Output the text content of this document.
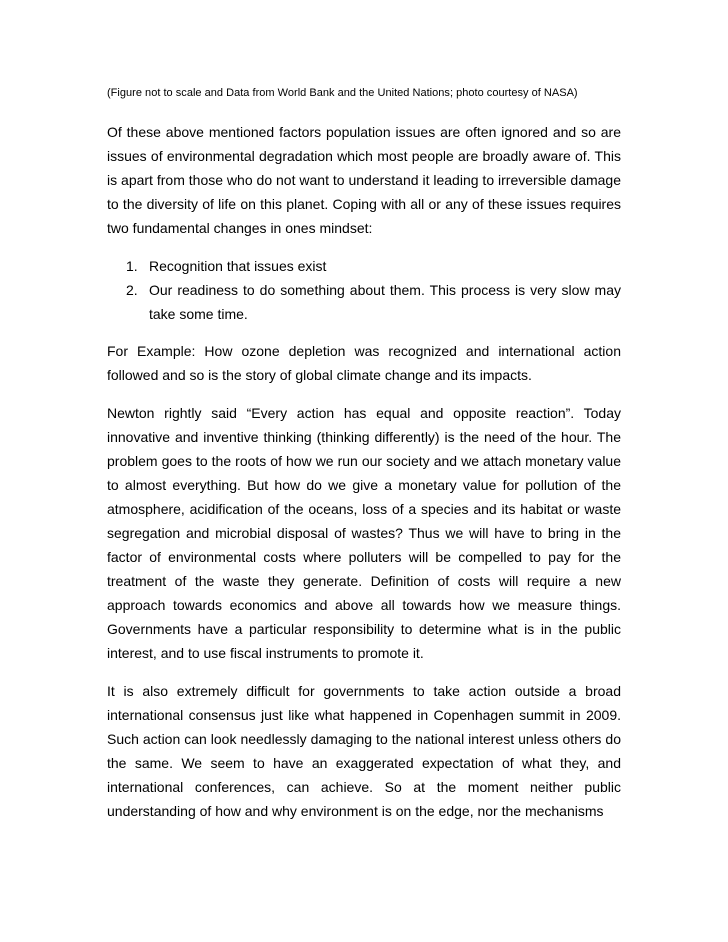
(Figure not to scale and Data from World Bank and the United Nations; photo courtesy of NASA)

Of these above mentioned factors population issues are often ignored and so are issues of environmental degradation which most people are broadly aware of. This is apart from those who do not want to understand it leading to irreversible damage to the diversity of life on this planet. Coping with all or any of these issues requires two fundamental changes in ones mindset:

1. Recognition that issues exist
2. Our readiness to do something about them. This process is very slow may take some time.

For Example: How ozone depletion was recognized and international action followed and so is the story of global climate change and its impacts.

Newton rightly said “Every action has equal and opposite reaction”. Today innovative and inventive thinking (thinking differently) is the need of the hour. The problem goes to the roots of how we run our society and we attach monetary value to almost everything. But how do we give a monetary value for pollution of the atmosphere, acidification of the oceans, loss of a species and its habitat or waste segregation and microbial disposal of wastes? Thus we will have to bring in the factor of environmental costs where polluters will be compelled to pay for the treatment of the waste they generate. Definition of costs will require a new approach towards economics and above all towards how we measure things. Governments have a particular responsibility to determine what is in the public interest, and to use fiscal instruments to promote it.

It is also extremely difficult for governments to take action outside a broad international consensus just like what happened in Copenhagen summit in 2009. Such action can look needlessly damaging to the national interest unless others do the same. We seem to have an exaggerated expectation of what they, and international conferences, can achieve. So at the moment neither public understanding of how and why environment is on the edge, nor the mechanisms
